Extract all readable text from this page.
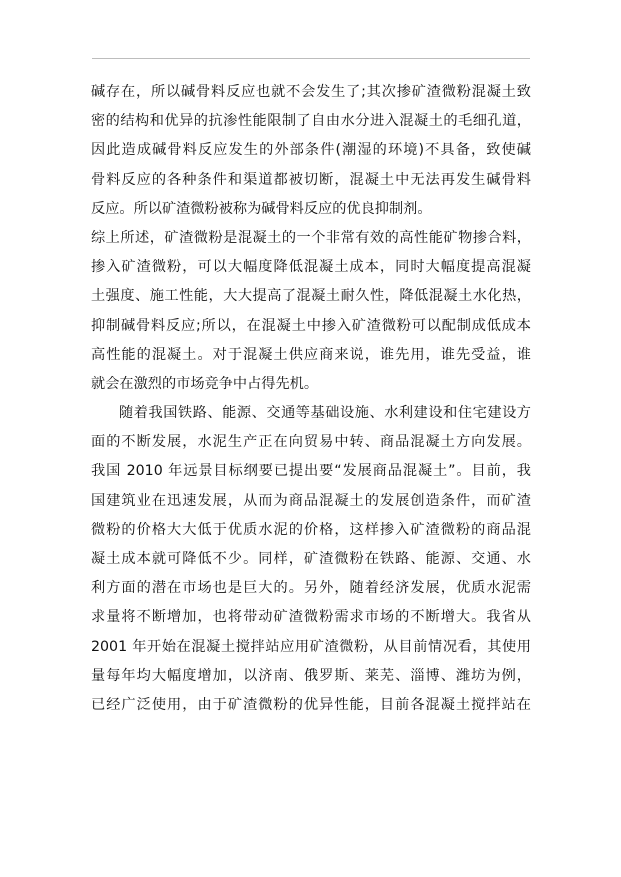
碱存在，所以碱骨料反应也就不会发生了;其次掺矿渣微粉混凝土致
密的结构和优异的抗渗性能限制了自由水分进入混凝土的毛细孔道，
因此造成碱骨料反应发生的外部条件(潮湿的环境)不具备，致使碱
骨料反应的各种条件和渠道都被切断，混凝土中无法再发生碱骨料
反应。所以矿渣微粉被称为碱骨料反应的优良抑制剂。
综上所述，矿渣微粉是混凝土的一个非常有效的高性能矿物掺合料，
掺入矿渣微粉，可以大幅度降低混凝土成本，同时大幅度提高混凝
土强度、施工性能，大大提高了混凝土耐久性，降低混凝土水化热，
抑制碱骨料反应;所以，在混凝土中掺入矿渣微粉可以配制成低成本
高性能的混凝土。对于混凝土供应商来说，谁先用，谁先受益，谁
就会在激烈的市场竞争中占得先机。
随着我国铁路、能源、交通等基础设施、水利建设和住宅建设方
面的不断发展，水泥生产正在向贸易中转、商品混凝土方向发展。
我国 2010 年远景目标纲要已提出要“发展商品混凝土”。目前，我
国建筑业在迅速发展，从而为商品混凝土的发展创造条件，而矿渣
微粉的价格大大低于优质水泥的价格，这样掺入矿渣微粉的商品混
凝土成本就可降低不少。同样，矿渣微粉在铁路、能源、交通、水
利方面的潜在市场也是巨大的。另外，随着经济发展，优质水泥需
求量将不断增加，也将带动矿渣微粉需求市场的不断增大。我省从
2001 年开始在混凝土搅拌站应用矿渣微粉，从目前情况看，其使用
量每年均大幅度增加，以济南、俄罗斯、莱芜、淄博、潍坊为例，
已经广泛使用，由于矿渣微粉的优异性能，目前各混凝土搅拌站在
